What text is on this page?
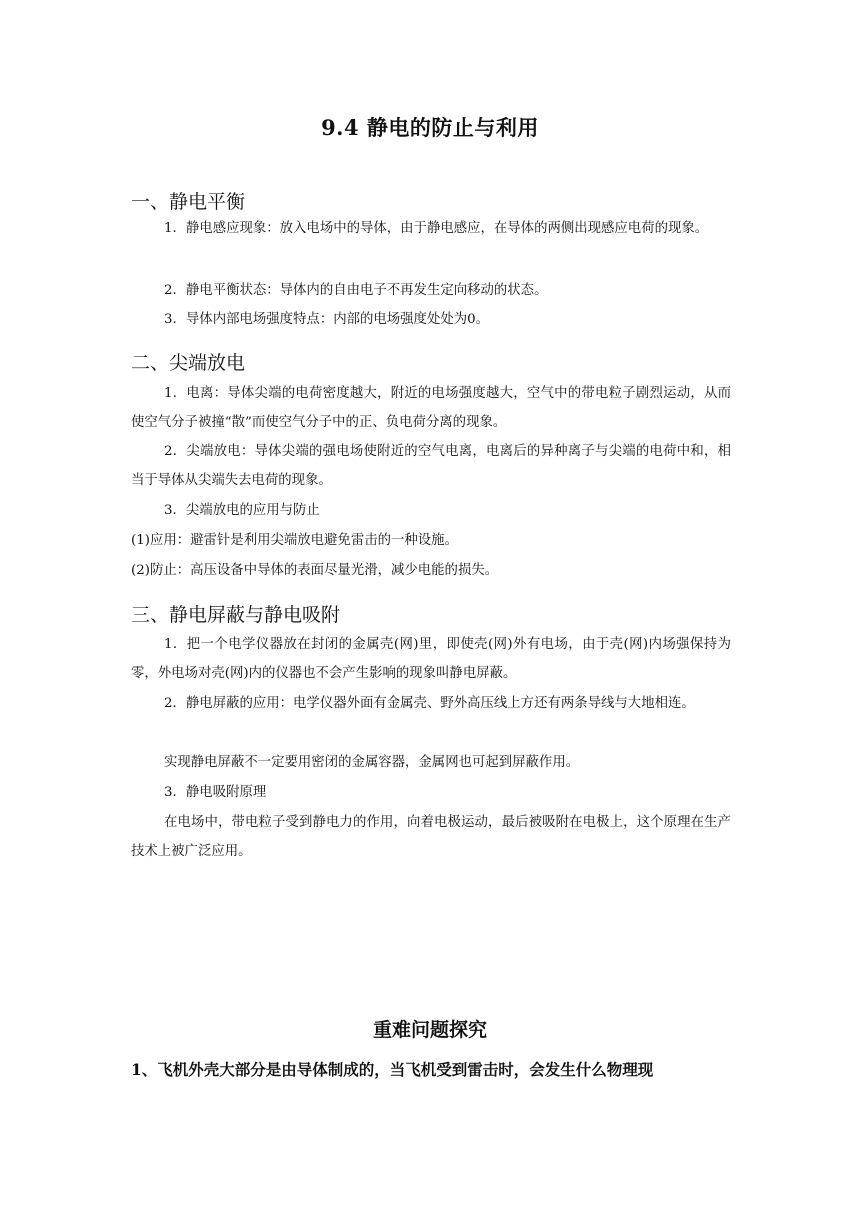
9.4 静电的防止与利用
一、静电平衡
1．静电感应现象：放入电场中的导体，由于静电感应，在导体的两侧出现感应电荷的现象。
2．静电平衡状态：导体内的自由电子不再发生定向移动的状态。
3．导体内部电场强度特点：内部的电场强度处处为0。
二、尖端放电
1．电离：导体尖端的电荷密度越大，附近的电场强度越大，空气中的带电粒子剧烈运动，从而使空气分子被撞“散”而使空气分子中的正、负电荷分离的现象。
2．尖端放电：导体尖端的强电场使附近的空气电离，电离后的异种离子与尖端的电荷中和，相当于导体从尖端失去电荷的现象。
3．尖端放电的应用与防止
(1)应用：避雷针是利用尖端放电避免雷击的一种设施。
(2)防止：高压设备中导体的表面尽量光滑，减少电能的损失。
三、静电屏蔽与静电吸附
1．把一个电学仪器放在封闭的金属壳(网)里，即使壳(网)外有电场，由于壳(网)内场强保持为零，外电场对壳(网)内的仪器也不会产生影响的现象叫静电屏蔽。
2．静电屏蔽的应用：电学仪器外面有金属壳、野外高压线上方还有两条导线与大地相连。
实现静电屏蔽不一定要用密闭的金属容器，金属网也可起到屏蔽作用。
3．静电吸附原理
在电场中，带电粒子受到静电力的作用，向着电极运动，最后被吸附在电极上，这个原理在生产技术上被广泛应用。
重难问题探究
1、飞机外壳大部分是由导体制成的，当飞机受到雷击时，会发生什么物理现
